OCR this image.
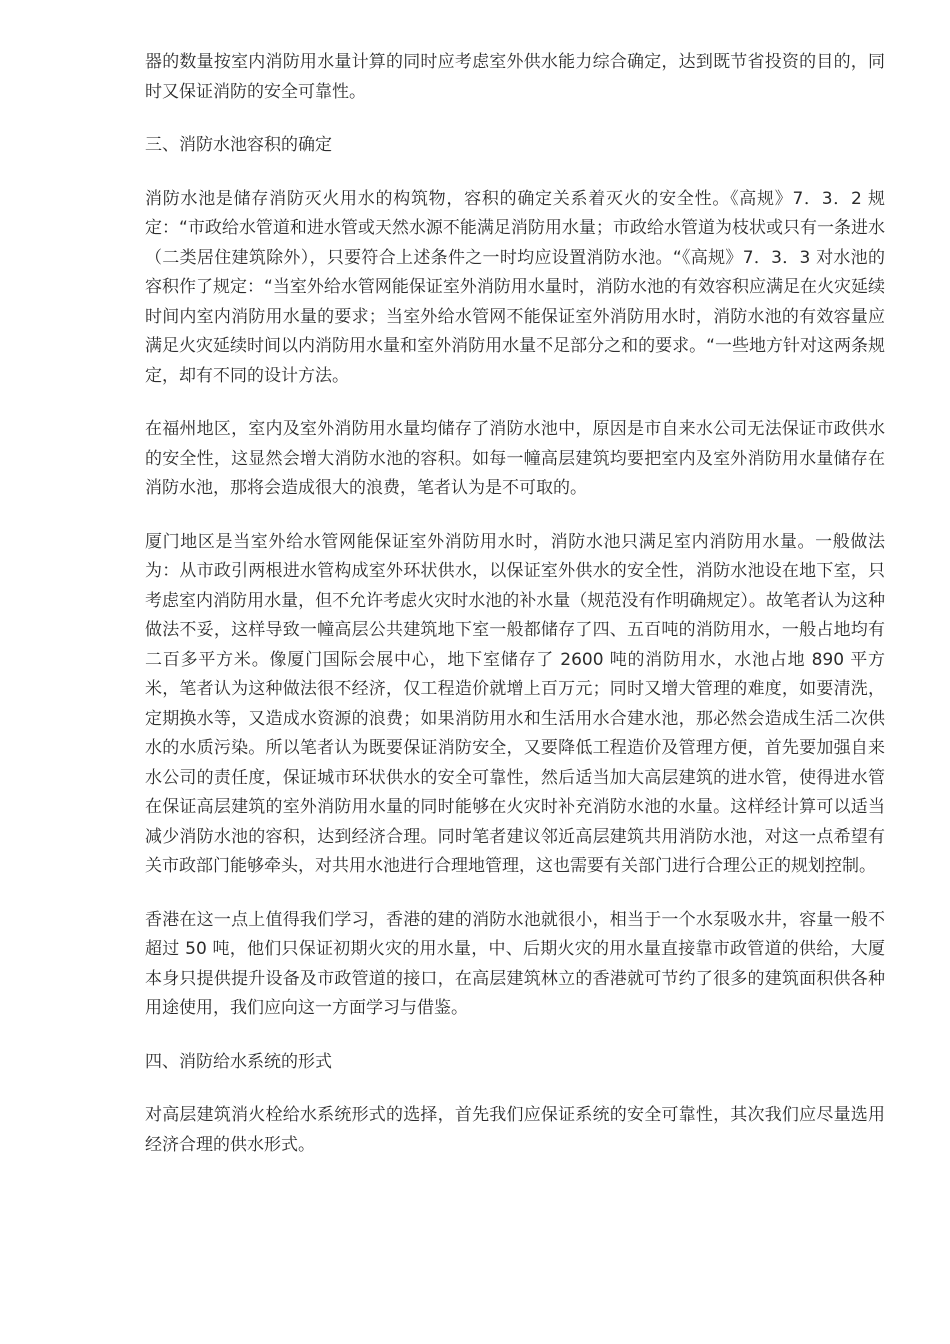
器的数量按室内消防用水量计算的同时应考虑室外供水能力综合确定，达到既节省投资的目的，同时又保证消防的安全可靠性。

三、消防水池容积的确定

消防水池是储存消防灭火用水的构筑物，容积的确定关系着灭火的安全性。《高规》7．3．2 规定：“市政给水管道和进水管或天然水源不能满足消防用水量；市政给水管道为枝状或只有一条进水（二类居住建筑除外），只要符合上述条件之一时均应设置消防水池。“《高规》7．3．3 对水池的容积作了规定：“当室外给水管网能保证室外消防用水量时，消防水池的有效容积应满足在火灾延续时间内室内消防用水量的要求；当室外给水管网不能保证室外消防用水时，消防水池的有效容量应满足火灾延续时间以内消防用水量和室外消防用水量不足部分之和的要求。“一些地方针对这两条规定，却有不同的设计方法。

在福州地区，室内及室外消防用水量均储存了消防水池中，原因是市自来水公司无法保证市政供水的安全性，这显然会增大消防水池的容积。如每一幢高层建筑均要把室内及室外消防用水量储存在消防水池，那将会造成很大的浪费，笔者认为是不可取的。

厦门地区是当室外给水管网能保证室外消防用水时，消防水池只满足室内消防用水量。一般做法为：从市政引两根进水管构成室外环状供水，以保证室外供水的安全性，消防水池设在地下室，只考虑室内消防用水量，但不允许考虑火灾时水池的补水量（规范没有作明确规定）。故笔者认为这种做法不妥，这样导致一幢高层公共建筑地下室一般都储存了四、五百吨的消防用水，一般占地均有二百多平方米。像厦门国际会展中心，地下室储存了 2600 吨的消防用水，水池占地 890 平方米，笔者认为这种做法很不经济，仅工程造价就增上百万元；同时又增大管理的难度，如要清洗，定期换水等，又造成水资源的浪费；如果消防用水和生活用水合建水池，那必然会造成生活二次供水的水质污染。所以笔者认为既要保证消防安全，又要降低工程造价及管理方便，首先要加强自来水公司的责任度，保证城市环状供水的安全可靠性，然后适当加大高层建筑的进水管，使得进水管在保证高层建筑的室外消防用水量的同时能够在火灾时补充消防水池的水量。这样经计算可以适当减少消防水池的容积，达到经济合理。同时笔者建议邻近高层建筑共用消防水池，对这一点希望有关市政部门能够牵头，对共用水池进行合理地管理，这也需要有关部门进行合理公正的规划控制。

香港在这一点上值得我们学习，香港的建的消防水池就很小，相当于一个水泵吸水井，容量一般不超过 50 吨，他们只保证初期火灾的用水量，中、后期火灾的用水量直接靠市政管道的供给，大厦本身只提供提升设备及市政管道的接口，在高层建筑林立的香港就可节约了很多的建筑面积供各种用途使用，我们应向这一方面学习与借鉴。

四、消防给水系统的形式

对高层建筑消火栓给水系统形式的选择，首先我们应保证系统的安全可靠性，其次我们应尽量选用经济合理的供水形式。
